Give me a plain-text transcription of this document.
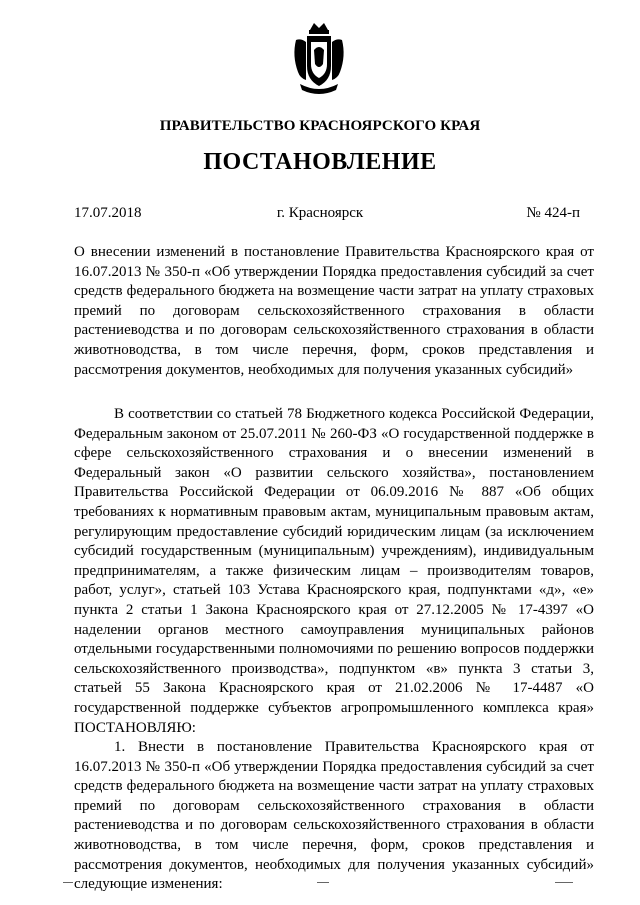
ПРАВИТЕЛЬСТВО КРАСНОЯРСКОГО КРАЯ
ПОСТАНОВЛЕНИЕ
17.07.2018	г. Красноярск	№ 424-п
О внесении изменений в постановление Правительства Красноярского края от 16.07.2013 № 350-п «Об утверждении Порядка предоставления субсидий за счет средств федерального бюджета на возмещение части затрат на уплату страховых премий по договорам сельскохозяйственного страхования в области растениеводства и по договорам сельскохозяйственного страхования в области животноводства, в том числе перечня, форм, сроков представления и рассмотрения документов, необходимых для получения указанных субсидий»

В соответствии со статьей 78 Бюджетного кодекса Российской Федерации, Федеральным законом от 25.07.2011 № 260-ФЗ «О государственной поддержке в сфере сельскохозяйственного страхования и о внесении изменений в Федеральный закон «О развитии сельского хозяйства», постановлением Правительства Российской Федерации от 06.09.2016 № 887 «Об общих требованиях к нормативным правовым актам, муниципальным правовым актам, регулирующим предоставление субсидий юридическим лицам (за исключением субсидий государственным (муниципальным) учреждениям), индивидуальным предпринимателям, а также физическим лицам – производителям товаров, работ, услуг», статьей 103 Устава Красноярского края, подпунктами «д», «е» пункта 2 статьи 1 Закона Красноярского края от 27.12.2005 № 17-4397 «О наделении органов местного самоуправления муниципальных районов отдельными государственными полномочиями по решению вопросов поддержки сельскохозяйственного производства», подпунктом «в» пункта 3 статьи 3, статьей 55 Закона Красноярского края от 21.02.2006 № 17-4487 «О государственной поддержке субъектов агропромышленного комплекса края» ПОСТАНОВЛЯЮ:

1. Внести в постановление Правительства Красноярского края от 16.07.2013 № 350-п «Об утверждении Порядка предоставления субсидий за счет средств федерального бюджета на возмещение части затрат на уплату страховых премий по договорам сельскохозяйственного страхования в области растениеводства и по договорам сельскохозяйственного страхования в области животноводства, в том числе перечня, форм, сроков представления и рассмотрения документов, необходимых для получения указанных субсидий» следующие изменения:
